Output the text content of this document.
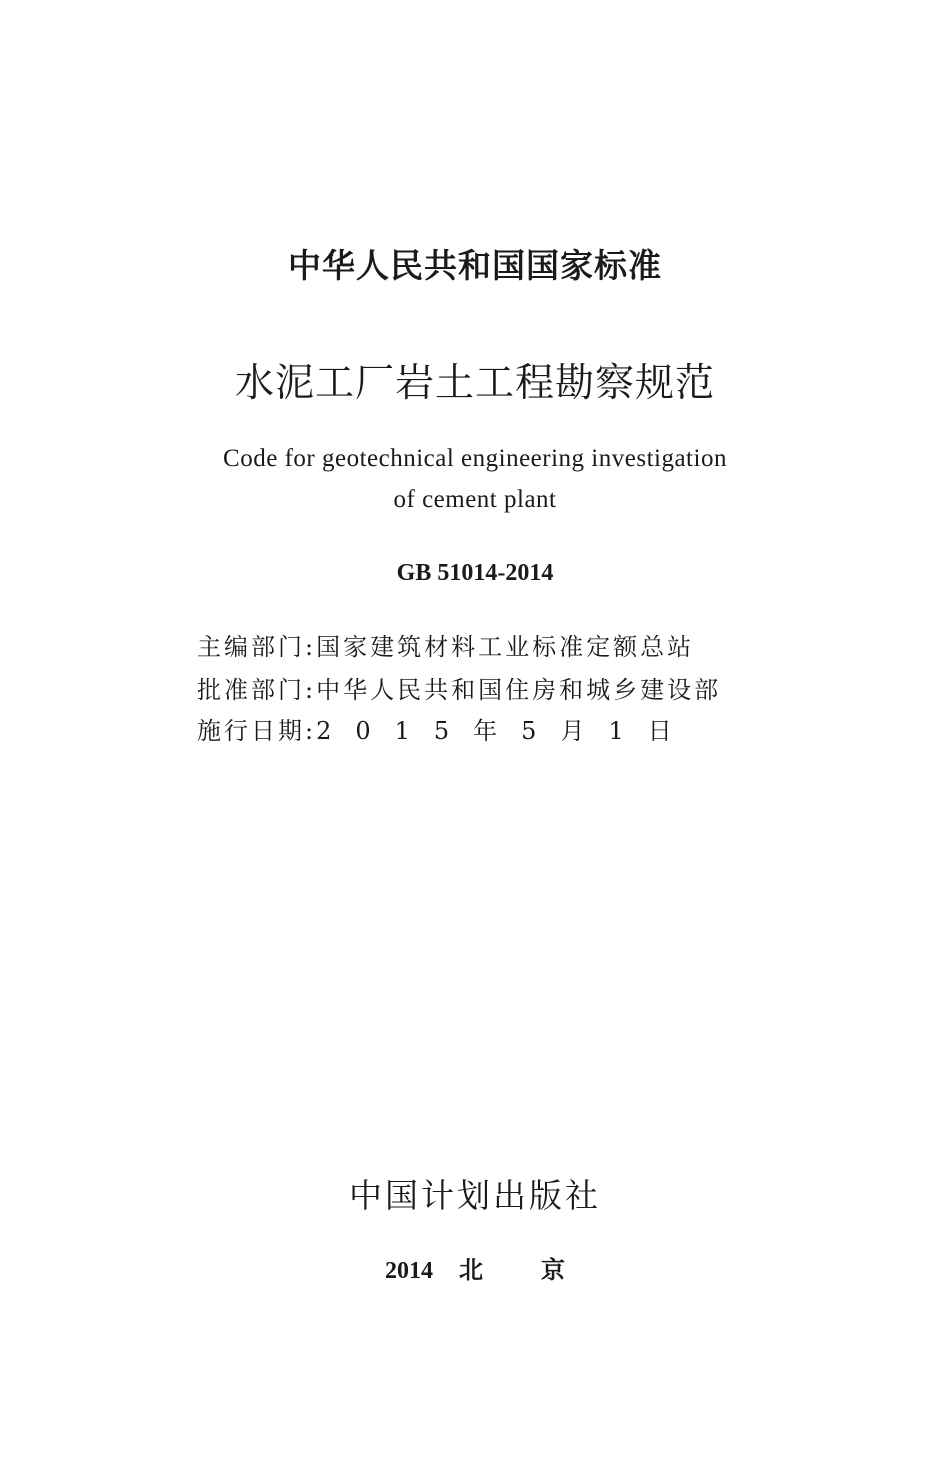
中华人民共和国国家标准
水泥工厂岩土工程勘察规范
Code for geotechnical engineering investigation
of cement plant
GB 51014-2014
主编部门:国家建筑材料工业标准定额总站
批准部门:中华人民共和国住房和城乡建设部
施行日期:2　0　1　5　年　5　月　1　日
中国计划出版社
2014 北 京
